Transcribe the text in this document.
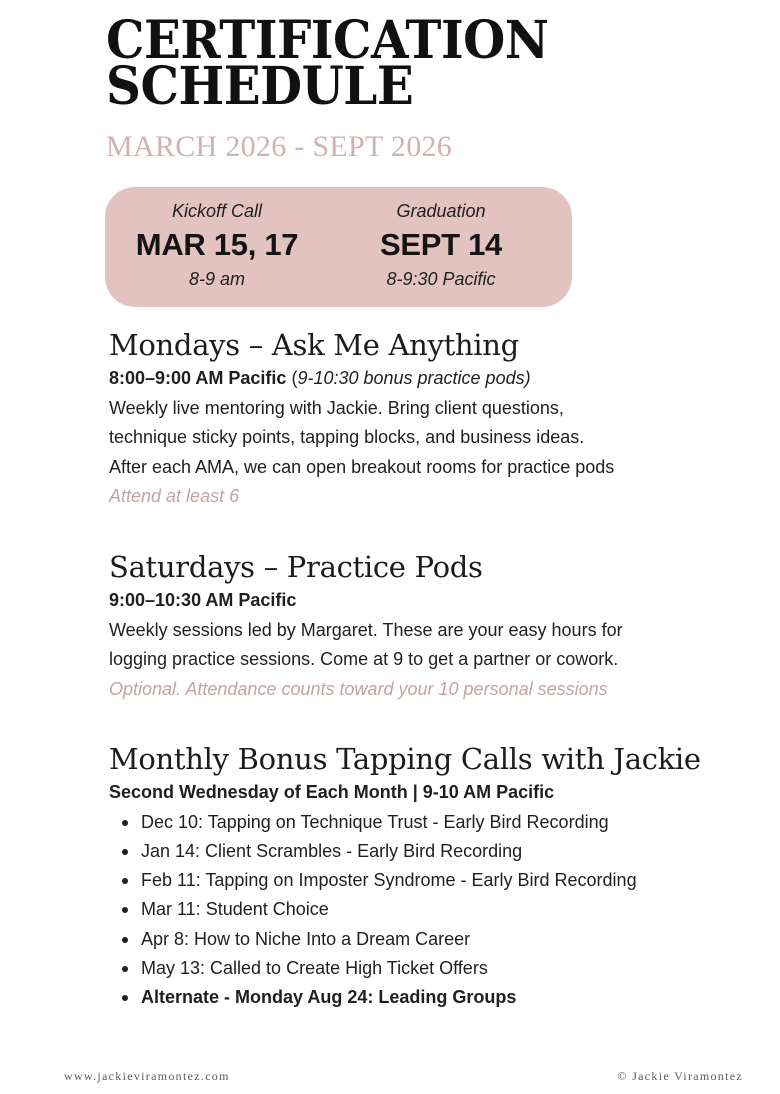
CERTIFICATION
SCHEDULE
MARCH 2026 - SEPT 2026
Kickoff Call
MAR 15, 17
8-9 am
Graduation
SEPT 14
8-9:30 Pacific
Mondays – Ask Me Anything
8:00–9:00 AM Pacific (9-10:30 bonus practice pods)
Weekly live mentoring with Jackie. Bring client questions,
technique sticky points, tapping blocks, and business ideas.
After each AMA, we can open breakout rooms for practice pods
Attend at least 6
Saturdays – Practice Pods
9:00–10:30 AM Pacific
Weekly sessions led by Margaret. These are your easy hours for
logging practice sessions. Come at 9 to get a partner or cowork.
Optional. Attendance counts toward your 10 personal sessions
Monthly Bonus Tapping Calls with Jackie
Second Wednesday of Each Month | 9-10 AM Pacific
Dec 10: Tapping on Technique Trust - Early Bird Recording
Jan 14: Client Scrambles - Early Bird Recording
Feb 11: Tapping on Imposter Syndrome - Early Bird Recording
Mar 11: Student Choice
Apr 8: How to Niche Into a Dream Career
May 13: Called to Create High Ticket Offers
Alternate - Monday Aug 24: Leading Groups
www.jackieviramontez.com	© Jackie Viramontez
